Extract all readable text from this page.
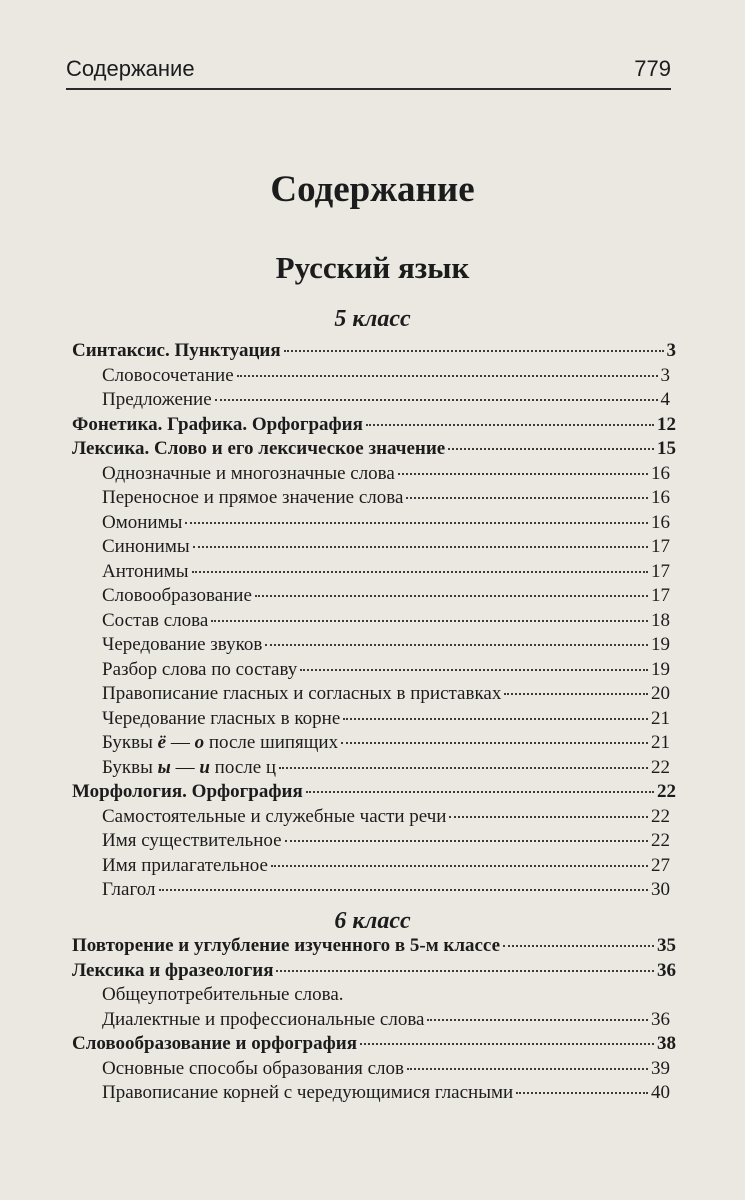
Содержание	779
Содержание
Русский язык
5 класс
Синтаксис. Пунктуация	3
Словосочетание	3
Предложение	4
Фонетика. Графика. Орфография	12
Лексика. Слово и его лексическое значение	15
Однозначные и многозначные слова	16
Переносное и прямое значение слова	16
Омонимы	16
Синонимы	17
Антонимы	17
Словообразование	17
Состав слова	18
Чередование звуков	19
Разбор слова по составу	19
Правописание гласных и согласных в приставках	20
Чередование гласных в корне	21
Буквы ё — о после шипящих	21
Буквы ы — и после ц	22
Морфология. Орфография	22
Самостоятельные и служебные части речи	22
Имя существительное	22
Имя прилагательное	27
Глагол	30
6 класс
Повторение и углубление изученного в 5-м классе	35
Лексика и фразеология	36
Общеупотребительные слова.
Диалектные и профессиональные слова	36
Словообразование и орфография	38
Основные способы образования слов	39
Правописание корней с чередующимися гласными	40
